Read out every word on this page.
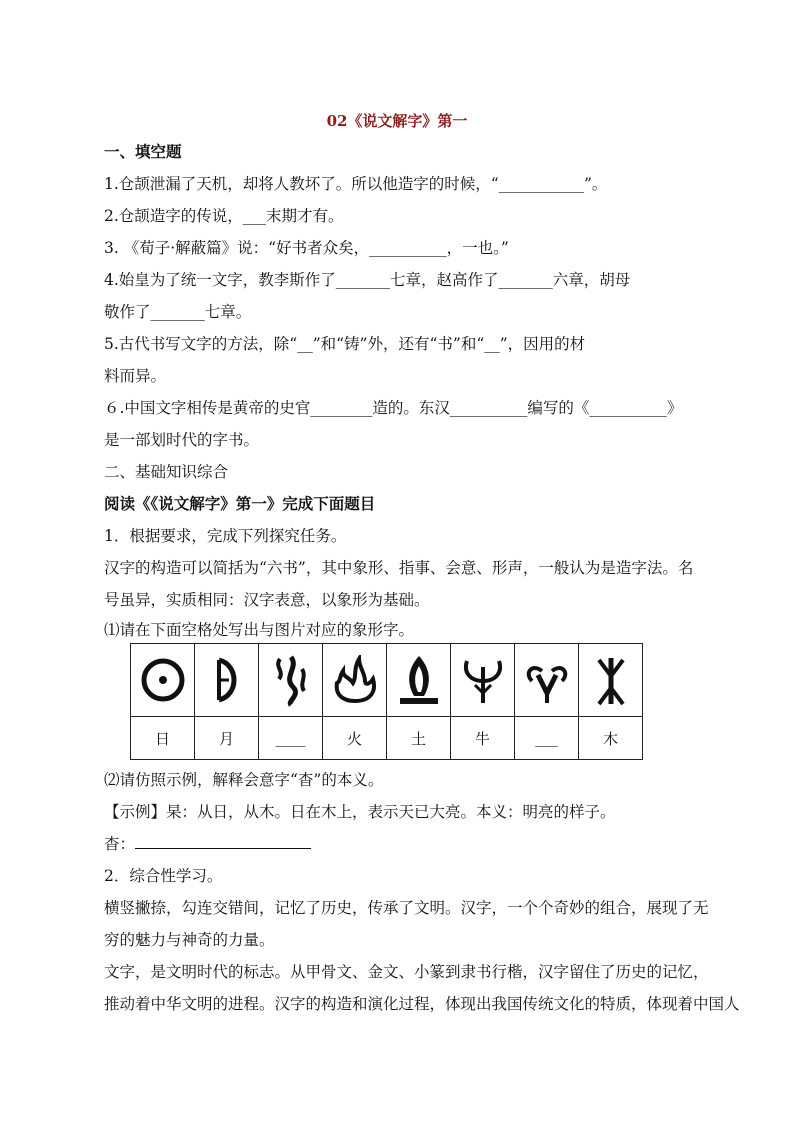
02《说文解字》第一
一、填空题
1.仓颉泄漏了天机，却将人教坏了。所以他造字的时候，“___________”。
2.仓颉造字的传说，___末期才有。
3. 《荀子·解蔽篇》说：“好书者众矣，__________，一也。”
4.始皇为了统一文字，教李斯作了_______七章，赵高作了_______六章，胡母
敬作了_______七章。
5.古代书写文字的方法，除“__”和“铸”外，还有“书”和“__”，因用的材
料而异。
６.中国文字相传是黄帝的史官________造的。东汉__________编写的《__________》
是一部划时代的字书。
二、基础知识综合
阅读《《说文解字》第一》完成下面题目
1．根据要求，完成下列探究任务。
汉字的构造可以简括为“六书”，其中象形、指事、会意、形声，一般认为是造字法。名
号虽异，实质相同：汉字表意，以象形为基础。
⑴请在下面空格处写出与图片对应的象形字。

日	月	____	火	土	牛	___	木
⑵请仿照示例，解释会意字“杳”的本义。
【示例】杲：从日，从木。日在木上，表示天已大亮。本义：明亮的样子。
杳：
2．综合性学习。
横竖撇捺，勾连交错间，记忆了历史，传承了文明。汉字，一个个奇妙的组合，展现了无
穷的魅力与神奇的力量。
文字，是文明时代的标志。从甲骨文、金文、小篆到隶书行楷，汉字留住了历史的记忆，
推动着中华文明的进程。汉字的构造和演化过程，体现出我国传统文化的特质，体现着中国人
